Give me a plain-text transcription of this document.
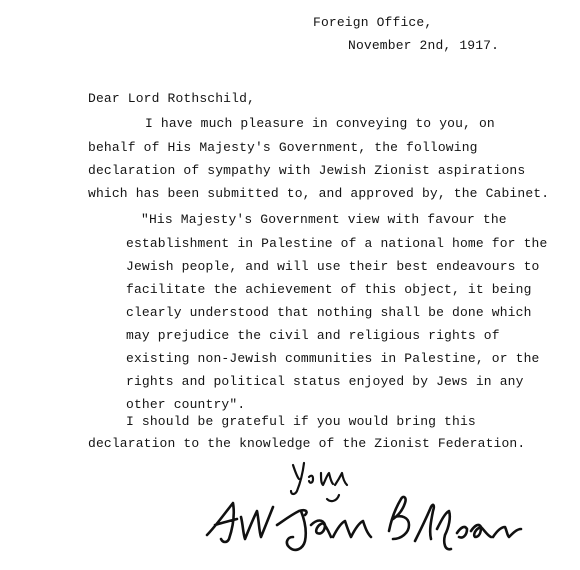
Foreign Office,
November 2nd, 1917.
Dear Lord Rothschild,
I have much pleasure in conveying to you, on
behalf of His Majesty's Government, the following
declaration of sympathy with Jewish Zionist aspirations
which has been submitted to, and approved by, the Cabinet.
"His Majesty's Government view with favour the
establishment in Palestine of a national home for the
Jewish people, and will use their best endeavours to
facilitate the achievement of this object, it being
clearly understood that nothing shall be done which
may prejudice the civil and religious rights of
existing non-Jewish communities in Palestine, or the
rights and political status enjoyed by Jews in any
other country".
I should be grateful if you would bring this
declaration to the knowledge of the Zionist Federation.
